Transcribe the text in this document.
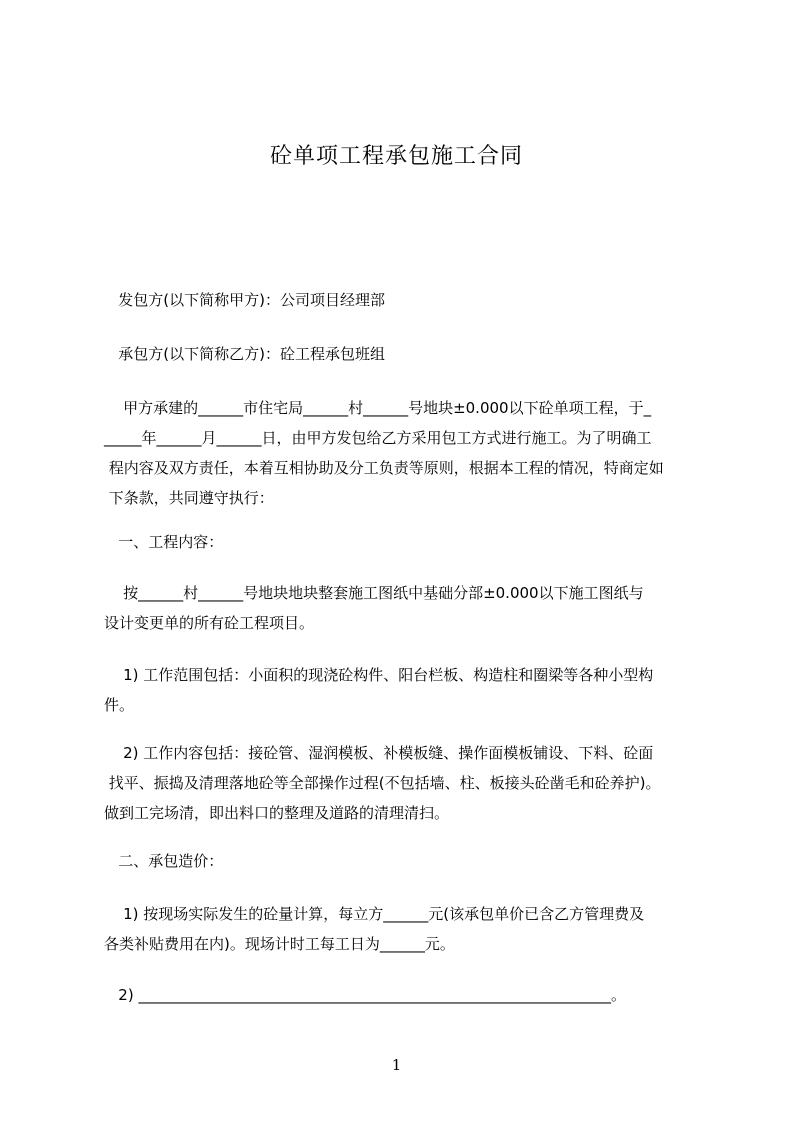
砼单项工程承包施工合同

发包方(以下简称甲方)：公司项目经理部

承包方(以下简称乙方)：砼工程承包班组

甲方承建的______市住宅局______村______号地块±0.000以下砼单项工程，于_

_____年______月______日，由甲方发包给乙方采用包工方式进行施工。为了明确工

程内容及双方责任，本着互相协助及分工负责等原则，根据本工程的情况，特商定如

下条款，共同遵守执行：

一、工程内容：

按______村______号地块地块整套施工图纸中基础分部±0.000以下施工图纸与

设计变更单的所有砼工程项目。

1) 工作范围包括：小面积的现浇砼构件、阳台栏板、构造柱和圈梁等各种小型构

件。

2) 工作内容包括：接砼管、湿润模板、补模板缝、操作面模板铺设、下料、砼面

找平、振捣及清理落地砼等全部操作过程(不包括墙、柱、板接头砼凿毛和砼养护)。

做到工完场清，即出料口的整理及道路的清理清扫。

二、承包造价：

1) 按现场实际发生的砼量计算，每立方______元(该承包单价已含乙方管理费及

各类补贴费用在内)。现场计时工每工日为______元。

2) _______________________________________________________________。

1
